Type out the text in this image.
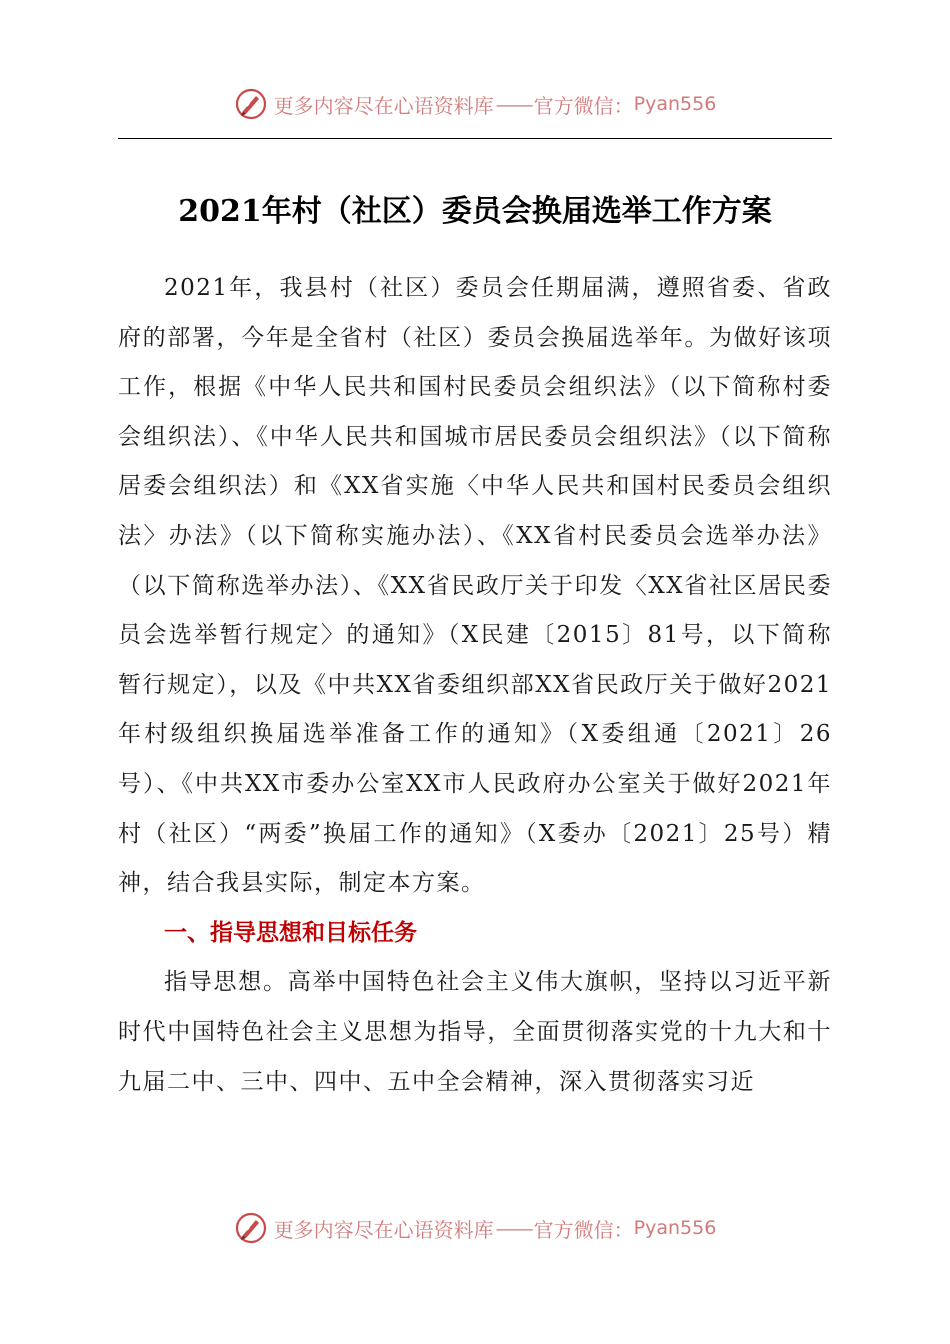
更多内容尽在心语资料库 —— 官方微信： Pyan556
2021年村（社区）委员会换届选举工作方案

2021年，我县村（社区）委员会任期届满，遵照省委、省政府的部署，今年是全省村（社区）委员会换届选举年。为做好该项工作，根据《中华人民共和国村民委员会组织法》（以下简称村委会组织法）、《中华人民共和国城市居民委员会组织法》（以下简称居委会组织法）和《XX省实施〈中华人民共和国村民委员会组织法〉办法》（以下简称实施办法）、《XX省村民委员会选举办法》（以下简称选举办法）、《XX省民政厅关于印发〈XX省社区居民委员会选举暂行规定〉的通知》（X民建〔2015〕81号，以下简称暂行规定），以及《中共XX省委组织部XX省民政厅关于做好2021年村级组织换届选举准备工作的通知》（X委组通〔2021〕26号）、《中共XX市委办公室XX市人民政府办公室关于做好2021年村（社区）“两委”换届工作的通知》（X委办〔2021〕25号）精神，结合我县实际，制定本方案。

一、指导思想和目标任务

指导思想。高举中国特色社会主义伟大旗帜，坚持以习近平新时代中国特色社会主义思想为指导，全面贯彻落实党的十九大和十九届二中、三中、四中、五中全会精神，深入贯彻落实习近

更多内容尽在心语资料库 —— 官方微信： Pyan556
